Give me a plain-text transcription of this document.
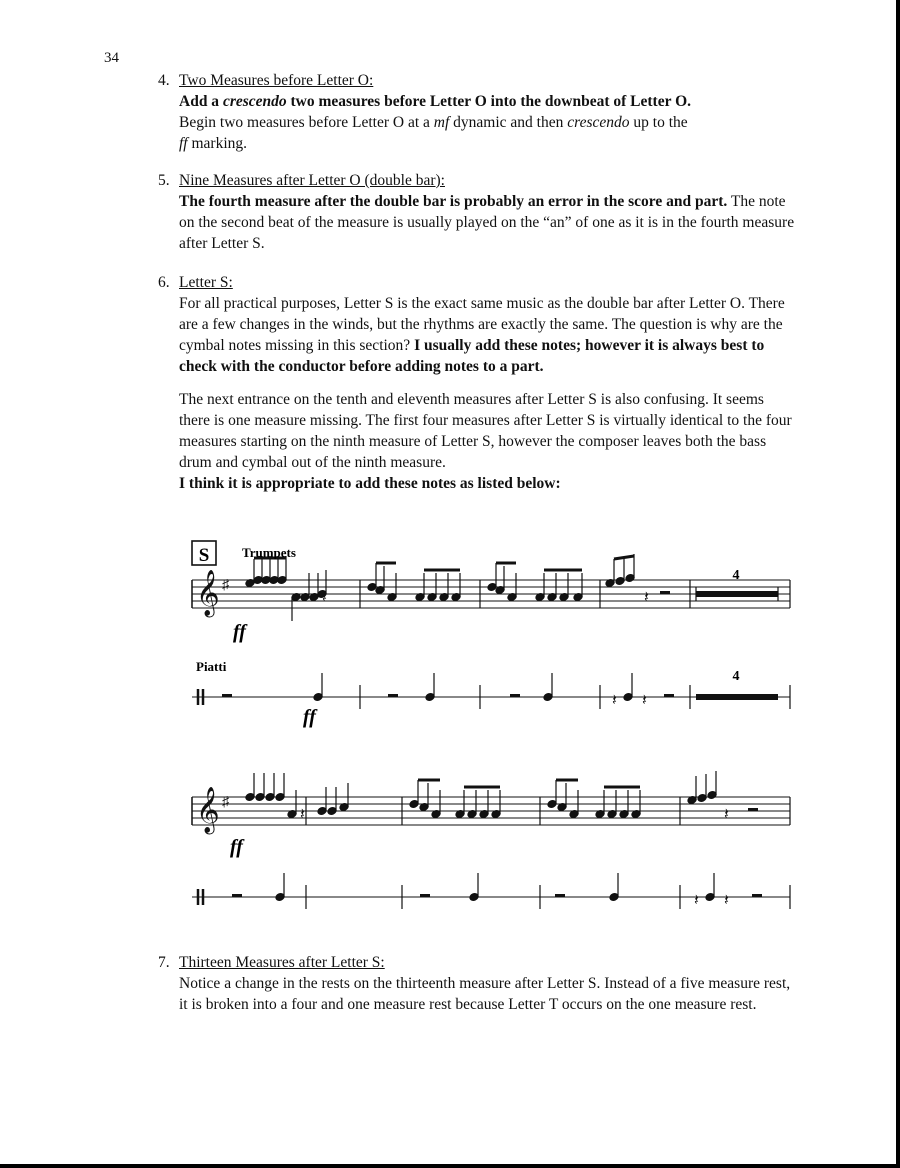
34
4. Two Measures before Letter O:

Add a crescendo two measures before Letter O into the downbeat of Letter O.

Begin two measures before Letter O at a mf dynamic and then crescendo up to the
ff marking.

5. Nine Measures after Letter O (double bar):

The fourth measure after the double bar is probably an error in the score and part. The note on the second beat of the measure is usually played on the “an” of one as it is in the fourth measure after Letter S.

6. Letter S:

For all practical purposes, Letter S is the exact same music as the double bar after Letter O. There are a few changes in the winds, but the rhythms are exactly the same. The question is why are the cymbal notes missing in this section? I usually add these notes; however it is always best to check with the conductor before adding notes to a part.

The next entrance on the tenth and eleventh measures after Letter S is also confusing. It seems there is one measure missing. The first four measures after Letter S is virtually identical to the four measures starting on the ninth measure of Letter S, however the composer leaves both the bass drum and cymbal out of the ninth measure.

I think it is appropriate to add these notes as listed below:

𝄞 ♯
𝄽	𝄽
𝄽 𝄽
𝄞 ♯
𝄽	𝄽
𝄽 𝄽
S	Trumpets
Piatti
ff
ff
ff
4
4
7. Thirteen Measures after Letter S:

Notice a change in the rests on the thirteenth measure after Letter S. Instead of a five measure rest, it is broken into a four and one measure rest because Letter T occurs on the one measure rest.
